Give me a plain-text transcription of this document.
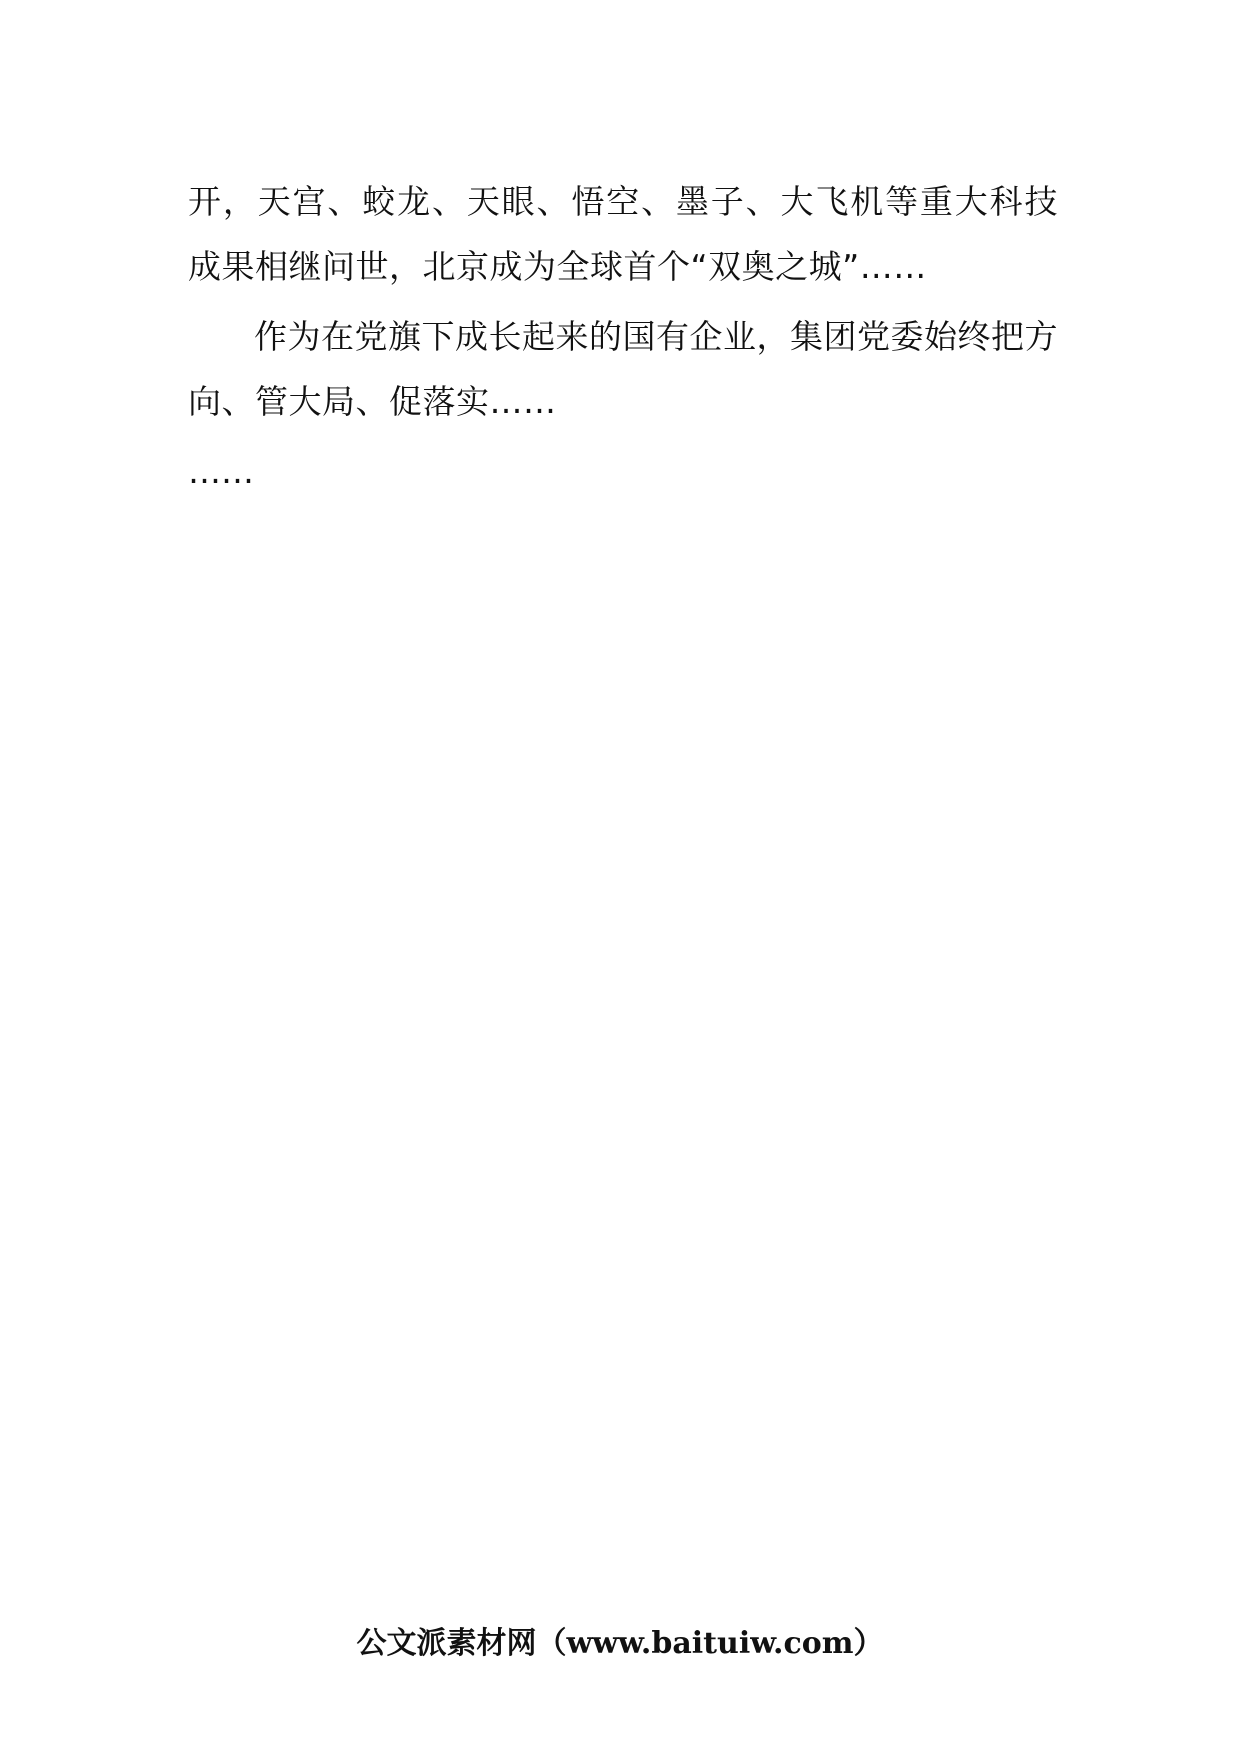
开，天宫、蛟龙、天眼、悟空、墨子、大飞机等重大科技成果相继问世，北京成为全球首个“双奥之城”……

作为在党旗下成长起来的国有企业，集团党委始终把方向、管大局、促落实……

……

公文派素材网（www.baituiw.com）
